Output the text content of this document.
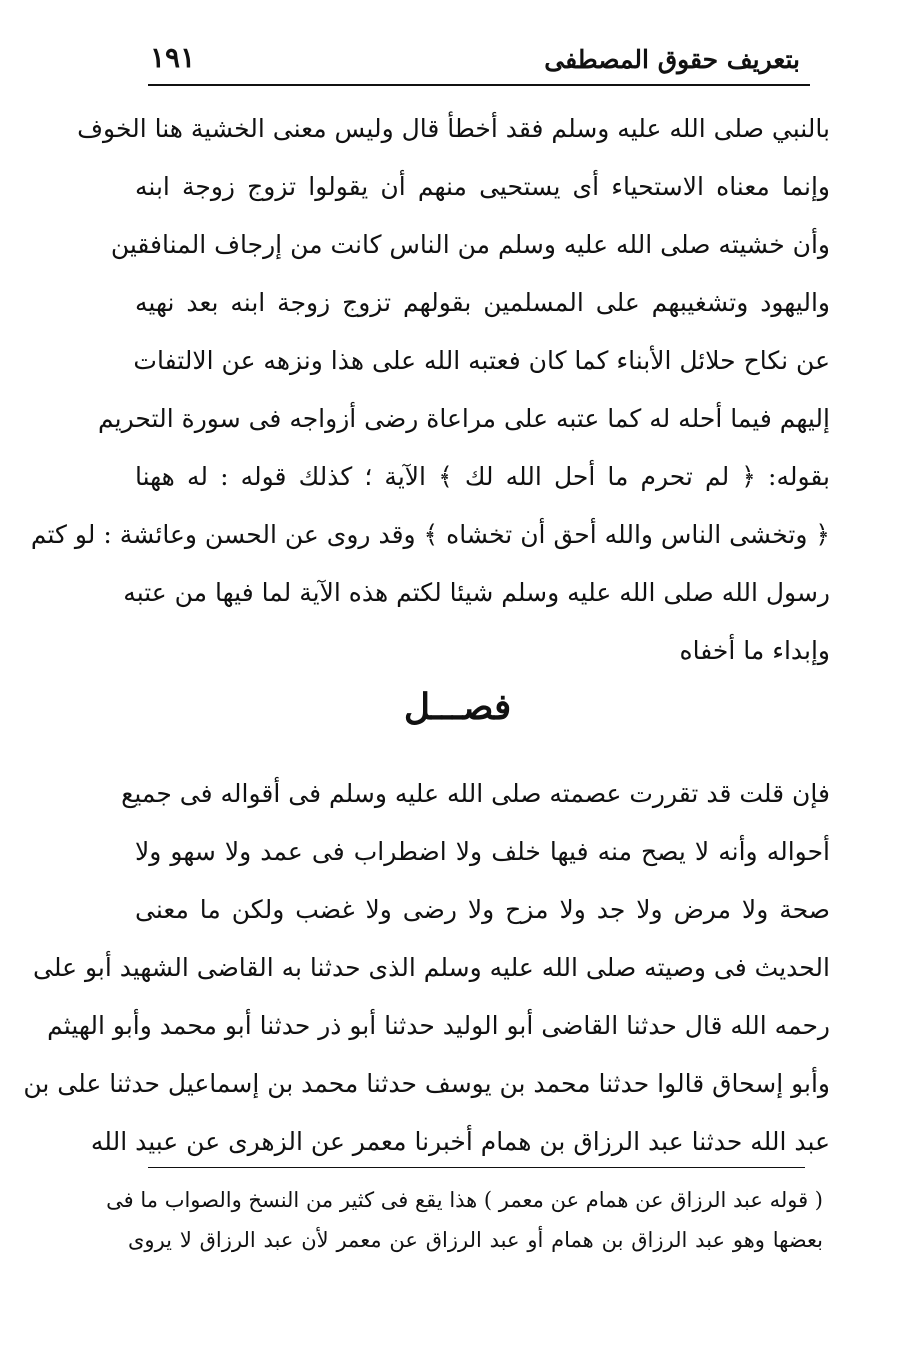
بتعريف حقوق المصطفى
١٩١
بالنبي صلى الله عليه وسلم فقد أخطأ قال وليس معنى الخشية هنا الخوف
وإنما معناه الاستحياء أى يستحيى منهم أن يقولوا تزوج زوجة ابنه
وأن خشيته صلى الله عليه وسلم من الناس كانت من إرجاف المنافقين
واليهود وتشغيبهم على المسلمين بقولهم تزوج زوجة ابنه بعد نهيه
عن نكاح حلائل الأبناء كما كان فعتبه الله على هذا ونزهه عن الالتفات
إليهم فيما أحله له كما عتبه على مراعاة رضى أزواجه فى سورة التحريم
بقوله: ﴿ لم تحرم ما أحل الله لك ﴾ الآية ؛ كذلك قوله : له ههنا
﴿ وتخشى الناس والله أحق أن تخشاه ﴾ وقد روى عن الحسن وعائشة : لو كتم
رسول الله صلى الله عليه وسلم شيئا لكتم هذه الآية لما فيها من عتبه
وإبداء ما أخفاه
فصـــل
فإن قلت قد تقررت عصمته صلى الله عليه وسلم فى أقواله فى جميع
أحواله وأنه لا يصح منه فيها خلف ولا اضطراب فى عمد ولا سهو ولا
صحة ولا مرض ولا جد ولا مزح ولا رضى ولا غضب ولكن ما معنى
الحديث فى وصيته صلى الله عليه وسلم الذى حدثنا به القاضى الشهيد أبو على
رحمه الله قال حدثنا القاضى أبو الوليد حدثنا أبو ذر حدثنا أبو محمد وأبو الهيثم
وأبو إسحاق قالوا حدثنا محمد بن يوسف حدثنا محمد بن إسماعيل حدثنا على بن
عبد الله حدثنا عبد الرزاق بن همام أخبرنا معمر عن الزهرى عن عبيد الله
( قوله عبد الرزاق عن همام عن معمر ) هذا يقع فى كثير من النسخ والصواب ما فى
بعضها وهو عبد الرزاق بن همام أو عبد الرزاق عن معمر لأن عبد الرزاق لا يروى
